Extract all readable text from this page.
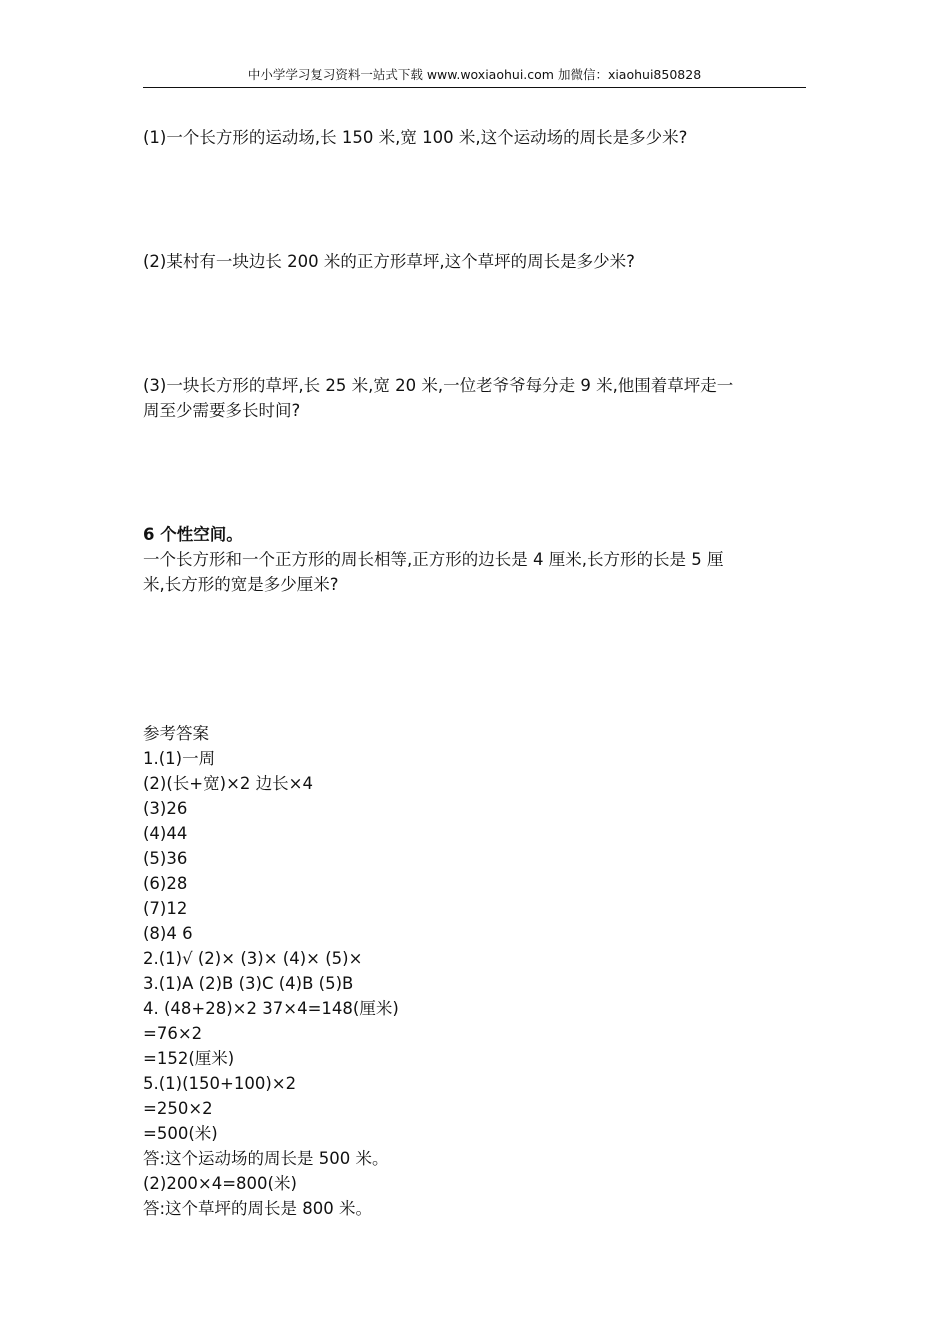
中小学学习复习资料一站式下载 www.woxiaohui.com 加微信：xiaohui850828
(1)一个长方形的运动场,长 150 米,宽 100 米,这个运动场的周长是多少米?
(2)某村有一块边长 200 米的正方形草坪,这个草坪的周长是多少米?
(3)一块长方形的草坪,长 25 米,宽 20 米,一位老爷爷每分走 9 米,他围着草坪走一
周至少需要多长时间?
6 个性空间。
一个长方形和一个正方形的周长相等,正方形的边长是 4 厘米,长方形的长是 5 厘
米,长方形的宽是多少厘米?
参考答案
1.(1)一周
(2)(长+宽)×2 边长×4
(3)26
(4)44
(5)36
(6)28
(7)12
(8)4 6
2.(1)√ (2)× (3)× (4)× (5)×
3.(1)A (2)B (3)C (4)B (5)B
4. (48+28)×2 37×4=148(厘米)
=76×2
=152(厘米)
5.(1)(150+100)×2
=250×2
=500(米)
答:这个运动场的周长是 500 米。
(2)200×4=800(米)
答:这个草坪的周长是 800 米。
